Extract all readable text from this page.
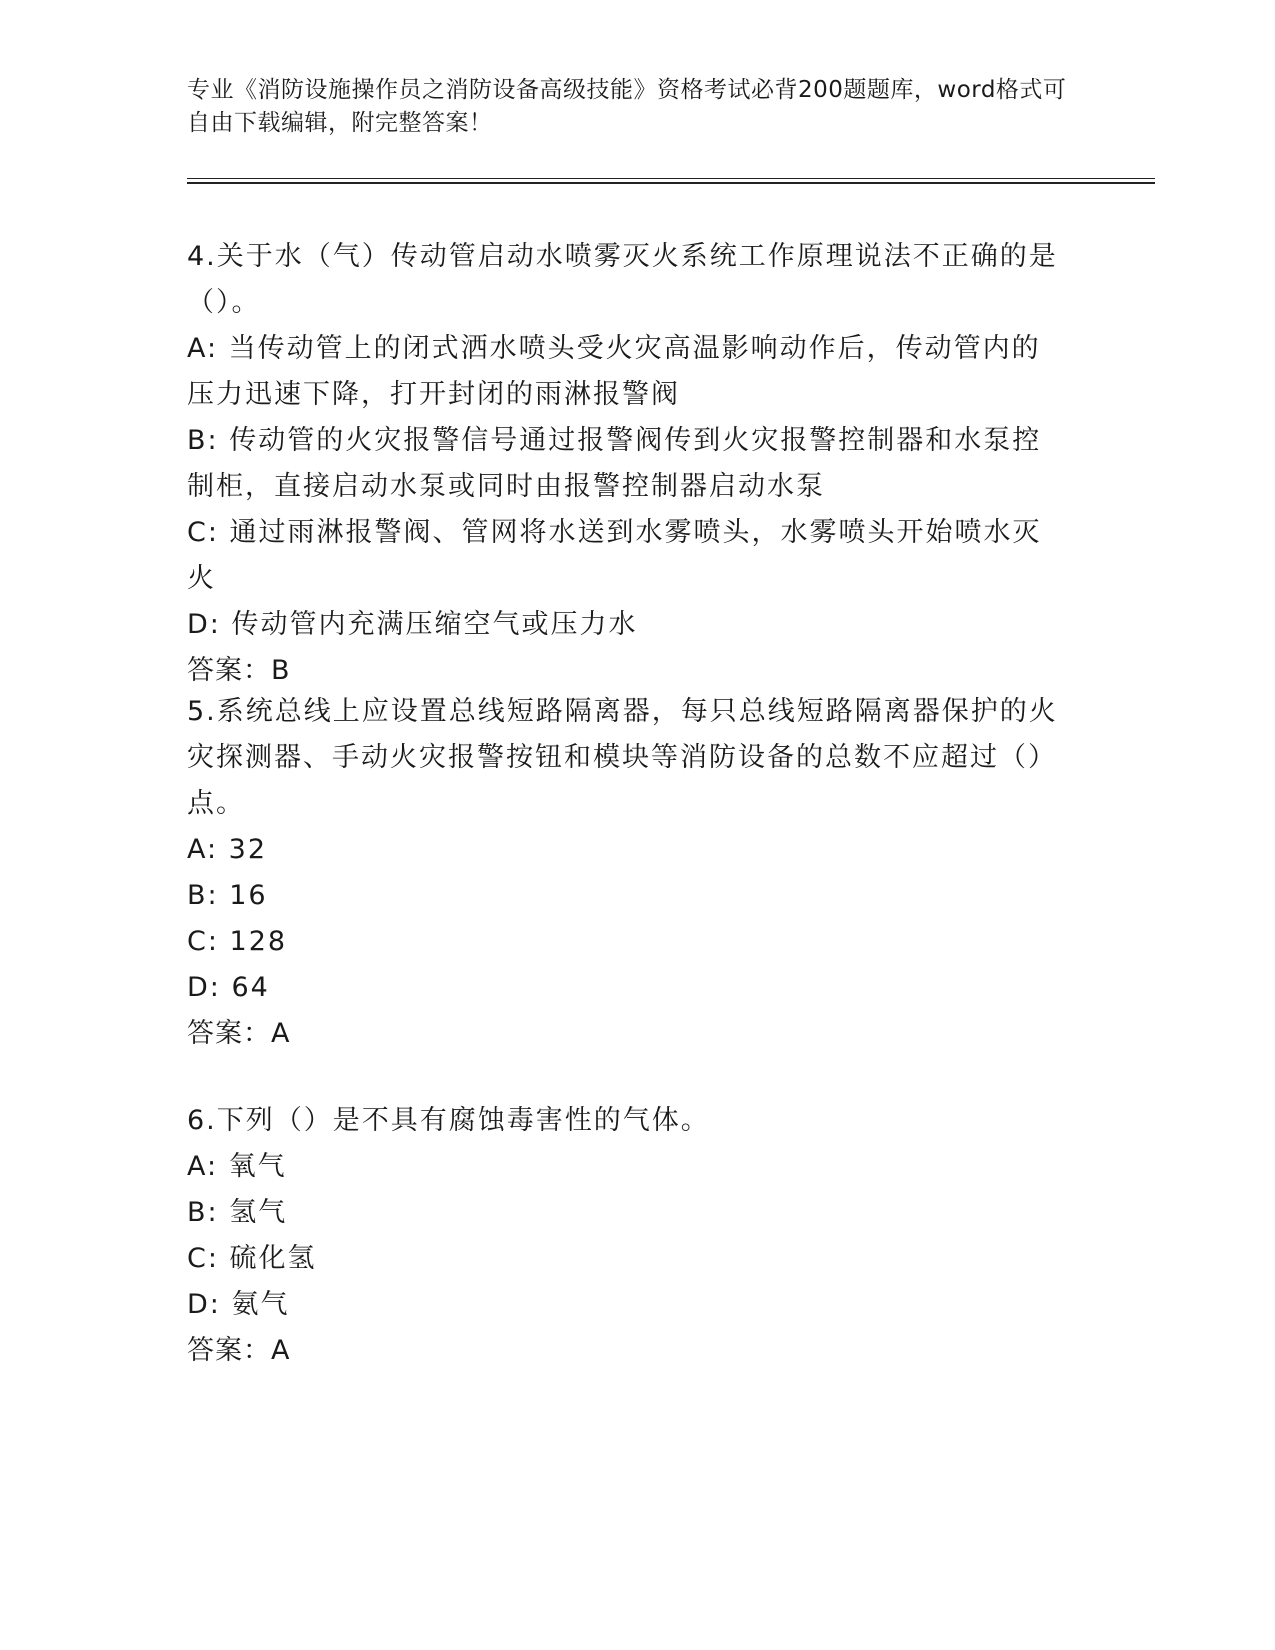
专业《消防设施操作员之消防设备高级技能》资格考试必背200题题库，word格式可自由下载编辑，附完整答案！

4.关于水（气）传动管启动水喷雾灭火系统工作原理说法不正确的是（）。

A: 当传动管上的闭式洒水喷头受火灾高温影响动作后，传动管内的压力迅速下降，打开封闭的雨淋报警阀

B: 传动管的火灾报警信号通过报警阀传到火灾报警控制器和水泵控制柜，直接启动水泵或同时由报警控制器启动水泵

C: 通过雨淋报警阀、管网将水送到水雾喷头，水雾喷头开始喷水灭火

D: 传动管内充满压缩空气或压力水

答案：B

5.系统总线上应设置总线短路隔离器，每只总线短路隔离器保护的火灾探测器、手动火灾报警按钮和模块等消防设备的总数不应超过（）点。

A: 32

B: 16

C: 128

D: 64

答案：A

6.下列（）是不具有腐蚀毒害性的气体。

A: 氧气

B: 氢气

C: 硫化氢

D: 氨气

答案：A
